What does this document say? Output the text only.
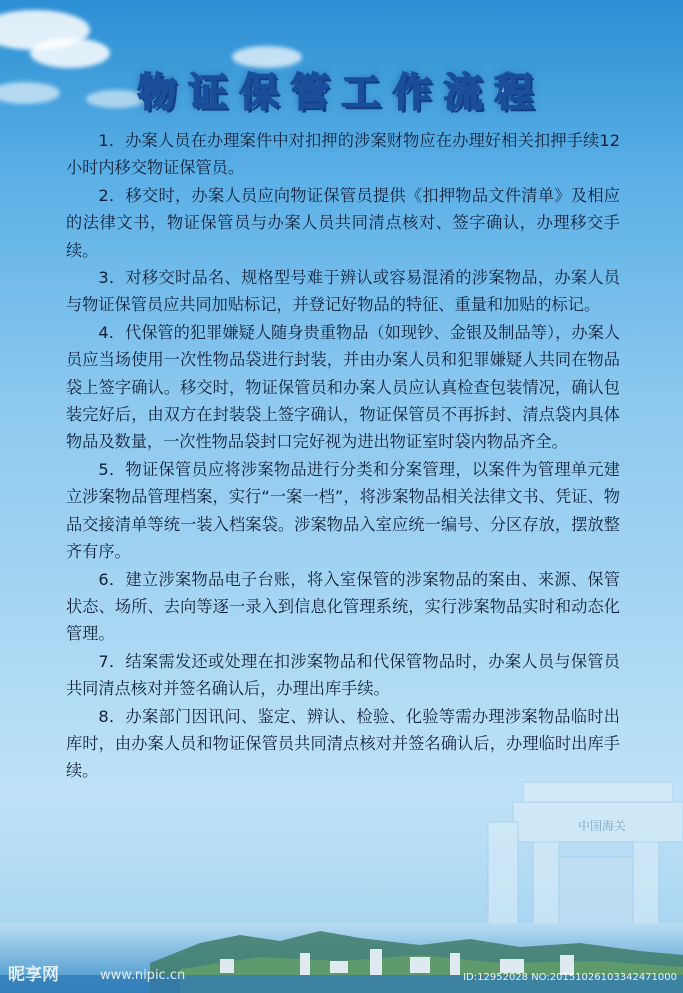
物证保管工作流程

1．办案人员在办理案件中对扣押的涉案财物应在办理好相关扣押手续12小时内移交物证保管员。

2．移交时，办案人员应向物证保管员提供《扣押物品文件清单》及相应的法律文书，物证保管员与办案人员共同清点核对、签字确认，办理移交手续。

3．对移交时品名、规格型号难于辨认或容易混淆的涉案物品，办案人员与物证保管员应共同加贴标记，并登记好物品的特征、重量和加贴的标记。

4．代保管的犯罪嫌疑人随身贵重物品（如现钞、金银及制品等），办案人员应当场使用一次性物品袋进行封装，并由办案人员和犯罪嫌疑人共同在物品袋上签字确认。移交时，物证保管员和办案人员应认真检查包装情况，确认包装完好后，由双方在封装袋上签字确认，物证保管员不再拆封、清点袋内具体物品及数量，一次性物品袋封口完好视为进出物证室时袋内物品齐全。

5．物证保管员应将涉案物品进行分类和分案管理，以案件为管理单元建立涉案物品管理档案，实行“一案一档”，将涉案物品相关法律文书、凭证、物品交接清单等统一装入档案袋。涉案物品入室应统一编号、分区存放，摆放整齐有序。

6．建立涉案物品电子台账，将入室保管的涉案物品的案由、来源、保管状态、场所、去向等逐一录入到信息化管理系统，实行涉案物品实时和动态化管理。

7．结案需发还或处理在扣涉案物品和代保管物品时，办案人员与保管员共同清点核对并签名确认后，办理出库手续。

8．办案部门因讯问、鉴定、辨认、检验、化验等需办理涉案物品临时出库时，由办案人员和物证保管员共同清点核对并签名确认后，办理临时出库手续。

中国海关
昵享网	www.nipic.cn	ID:12952028 NO:20151026103342471000
